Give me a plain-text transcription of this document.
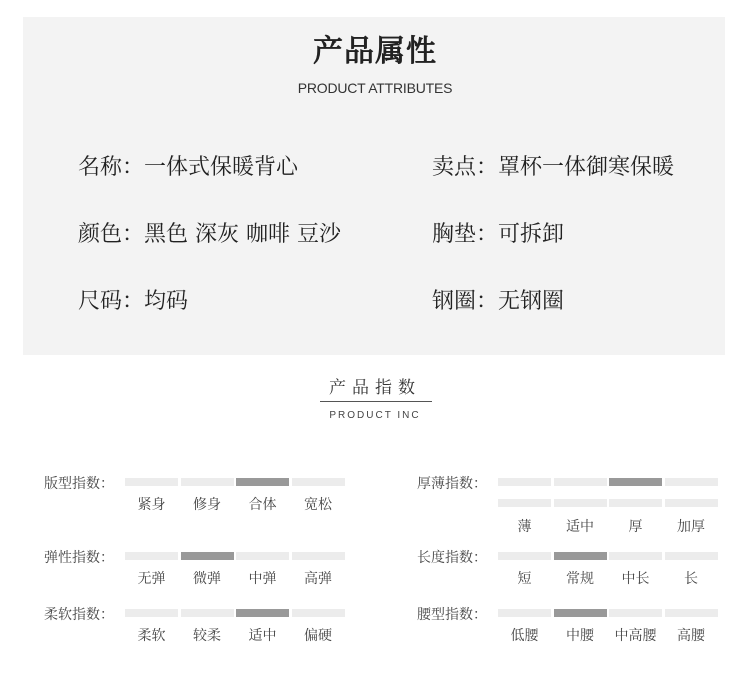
产品属性
PRODUCT ATTRIBUTES
名称：一体式保暖背心	卖点：罩杯一体御寒保暖
颜色：黑色 深灰 咖啡 豆沙	胸垫：可拆卸
尺码：均码	钢圈：无钢圈
产品指数
PRODUCT INC
版型指数：
紧身	修身	合体	宽松
厚薄指数：
薄	适中	厚	加厚
弹性指数：
无弹	微弹	中弹	高弹
长度指数：
短	常规	中长	长
柔软指数：
柔软	较柔	适中	偏硬
腰型指数：
低腰	中腰	中高腰	高腰
